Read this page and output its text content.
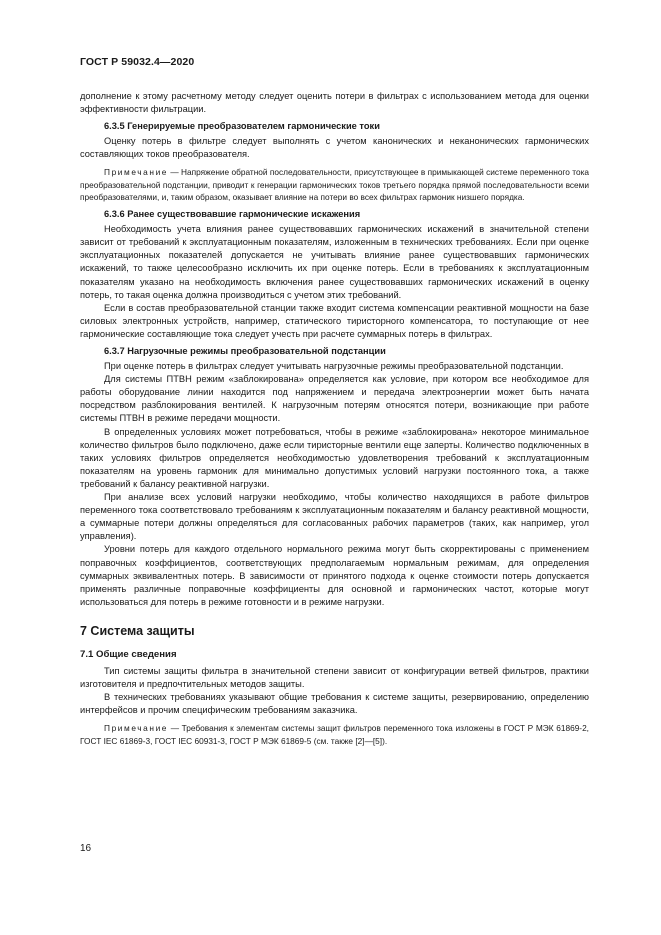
ГОСТ Р 59032.4—2020

дополнение к этому расчетному методу следует оценить потери в фильтрах с использованием метода для оценки эффективности фильтрации.

6.3.5 Генерируемые преобразователем гармонические токи

Оценку потерь в фильтре следует выполнять с учетом канонических и неканонических гармонических составляющих токов преобразователя.

Примечание — Напряжение обратной последовательности, присутствующее в примыкающей системе переменного тока преобразовательной подстанции, приводит к генерации гармонических токов третьего порядка прямой последовательности всеми преобразователями, и, таким образом, оказывает влияние на потери во всех фильтрах гармоник низшего порядка.

6.3.6 Ранее существовавшие гармонические искажения

Необходимость учета влияния ранее существовавших гармонических искажений в значительной степени зависит от требований к эксплуатационным показателям, изложенным в технических требованиях. Если при оценке эксплуатационных показателей допускается не учитывать влияние ранее существовавших гармонических искажений, то также целесообразно исключить их при оценке потерь. Если в требованиях к эксплуатационным показателям указано на необходимость включения ранее существовавших гармонических искажений в оценку потерь, то такая оценка должна производиться с учетом этих требований.

Если в состав преобразовательной станции также входит система компенсации реактивной мощности на базе силовых электронных устройств, например, статического тиристорного компенсатора, то поступающие от нее гармонические составляющие тока следует учесть при расчете суммарных потерь в фильтрах.

6.3.7 Нагрузочные режимы преобразовательной подстанции

При оценке потерь в фильтрах следует учитывать нагрузочные режимы преобразовательной подстанции.

Для системы ПТВН режим «заблокирована» определяется как условие, при котором все необходимое для работы оборудование линии находится под напряжением и передача электроэнергии может быть начата посредством разблокирования вентилей. К нагрузочным потерям относятся потери, возникающие при работе системы ПТВН в режиме передачи мощности.

В определенных условиях может потребоваться, чтобы в режиме «заблокирована» некоторое минимальное количество фильтров было подключено, даже если тиристорные вентили еще заперты. Количество подключенных в таких условиях фильтров определяется необходимостью удовлетворения требований к эксплуатационным показателям на уровень гармоник для минимально допустимых условий нагрузки постоянного тока, а также требований к балансу реактивной нагрузки.

При анализе всех условий нагрузки необходимо, чтобы количество находящихся в работе фильтров переменного тока соответствовало требованиям к эксплуатационным показателям и балансу реактивной мощности, а суммарные потери должны определяться для согласованных рабочих параметров (таких, как например, угол управления).

Уровни потерь для каждого отдельного нормального режима могут быть скорректированы с применением поправочных коэффициентов, соответствующих предполагаемым нормальным режимам, для определения суммарных эквивалентных потерь. В зависимости от принятого подхода к оценке стоимости потерь допускается применять различные поправочные коэффициенты для основной и гармонических частот, которые могут использоваться для потерь в режиме готовности и в режиме нагрузки.

7 Система защиты

7.1 Общие сведения

Тип системы защиты фильтра в значительной степени зависит от конфигурации ветвей фильтров, практики изготовителя и предпочтительных методов защиты.

В технических требованиях указывают общие требования к системе защиты, резервированию, определению интерфейсов и прочим специфическим требованиям заказчика.

Примечание — Требования к элементам системы защит фильтров переменного тока изложены в ГОСТ Р МЭК 61869-2, ГОСТ IEC 61869-3, ГОСТ IEC 60931-3, ГОСТ Р МЭК 61869-5 (см. также [2]—[5]).

16
